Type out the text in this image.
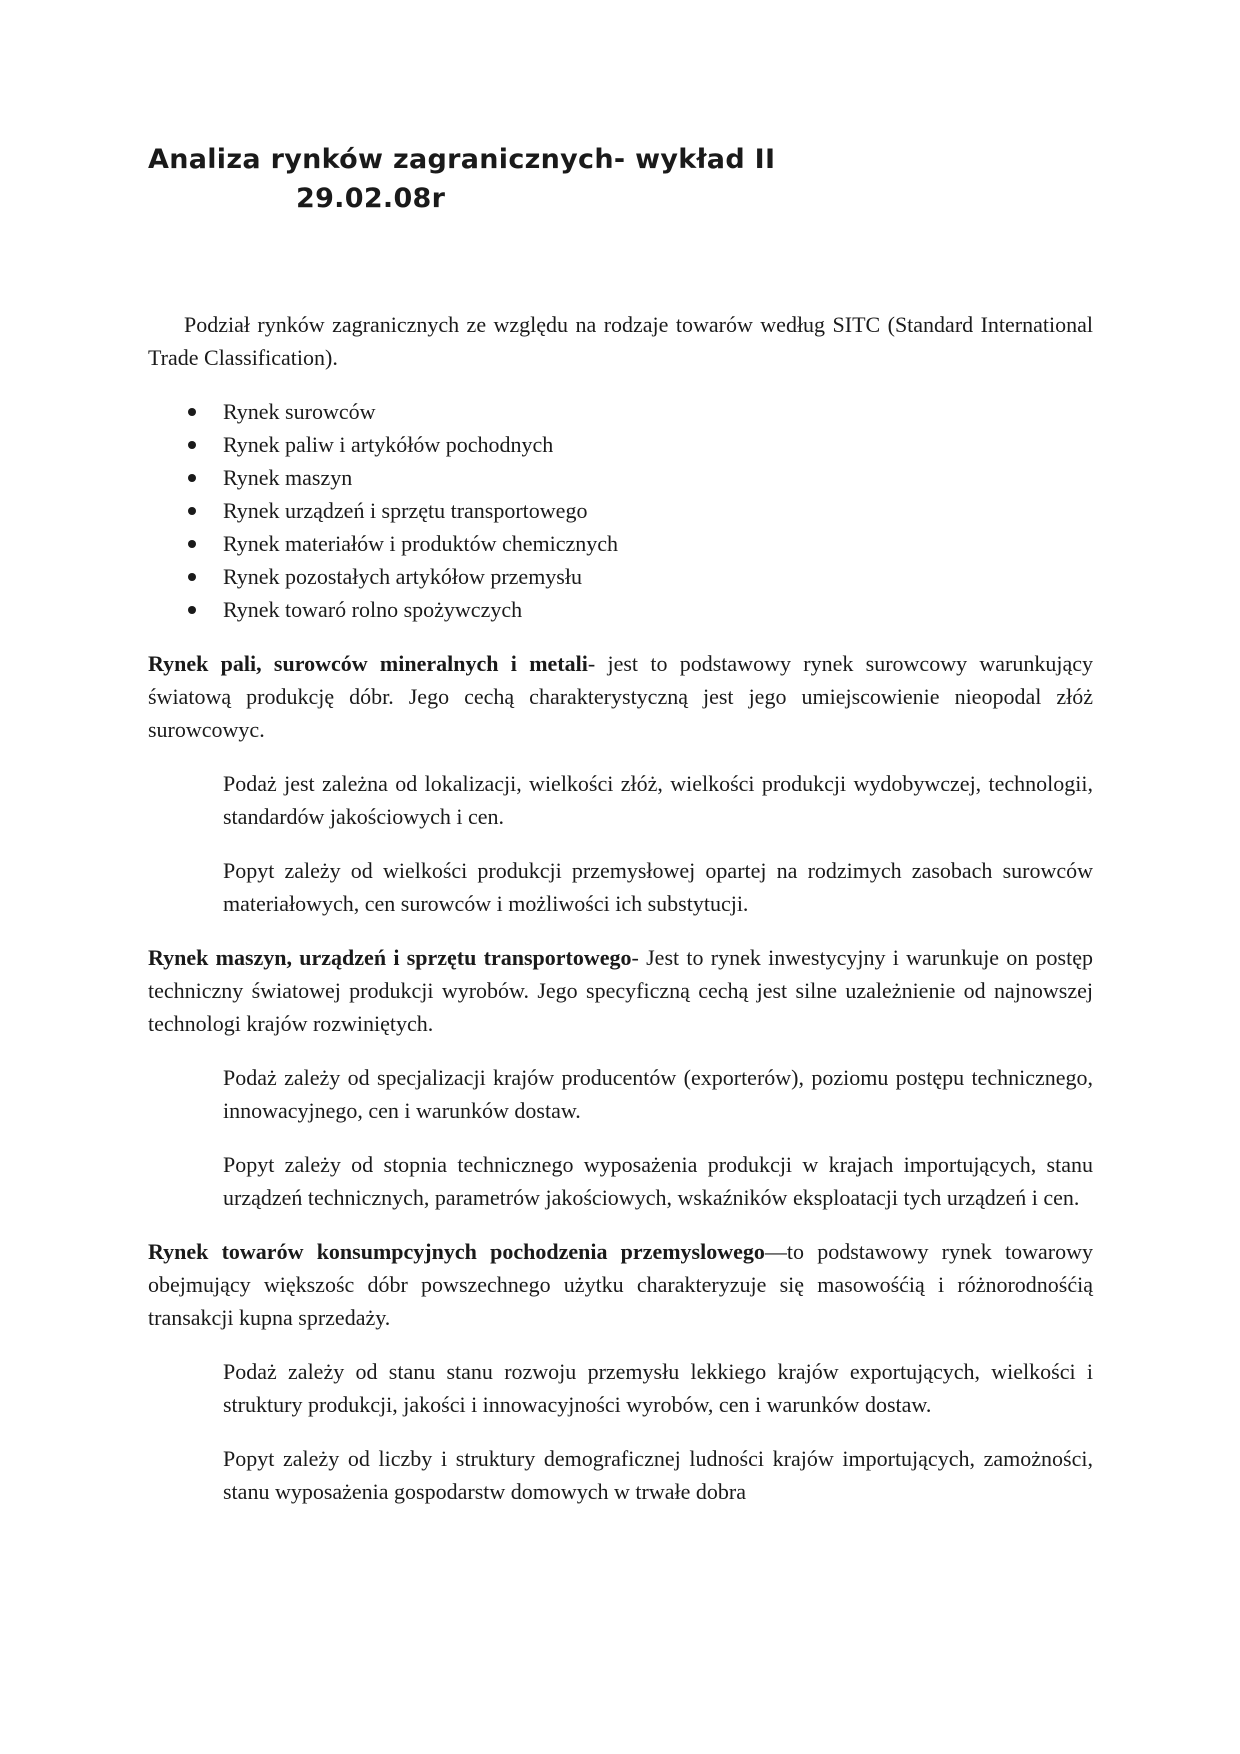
Analiza rynków zagranicznych- wykład II
29.02.08r

Podział rynków zagranicznych ze względu na rodzaje towarów według SITC (Standard International Trade Classification).

Rynek surowców
Rynek paliw i artykółów pochodnych
Rynek maszyn
Rynek urządzeń i sprzętu transportowego
Rynek materiałów i produktów chemicznych
Rynek pozostałych artykółow przemysłu
Rynek towaró rolno spożywczych

Rynek pali, surowców mineralnych i metali- jest to podstawowy rynek surowcowy warunkujący światową produkcję dóbr. Jego cechą charakterystyczną jest jego umiejscowienie nieopodal złóż surowcowyc.

Podaż jest zależna od lokalizacji, wielkości złóż, wielkości produkcji wydobywczej, technologii, standardów jakościowych i cen.

Popyt zależy od wielkości produkcji przemysłowej opartej na rodzimych zasobach surowców materiałowych, cen surowców i możliwości ich substytucji.

Rynek maszyn, urządzeń i sprzętu transportowego- Jest to rynek inwestycyjny i warunkuje on postęp techniczny światowej produkcji wyrobów. Jego specyficzną cechą jest silne uzależnienie od najnowszej technologi krajów rozwiniętych.

Podaż zależy od specjalizacji krajów producentów (exporterów), poziomu postępu technicznego, innowacyjnego, cen i warunków dostaw.

Popyt zależy od stopnia technicznego wyposażenia produkcji w krajach importujących, stanu urządzeń technicznych, parametrów jakościowych, wskaźników eksploatacji tych urządzeń i cen.

Rynek towarów konsumpcyjnych pochodzenia przemyslowego—to podstawowy rynek towarowy obejmujący większośc dóbr powszechnego użytku charakteryzuje się masowośćią i różnorodnośćią transakcji kupna sprzedaży.

Podaż zależy od stanu stanu rozwoju przemysłu lekkiego krajów exportujących, wielkości i struktury produkcji, jakości i innowacyjności wyrobów, cen i warunków dostaw.

Popyt zależy od liczby i struktury demograficznej ludności krajów importujących, zamożności, stanu wyposażenia gospodarstw domowych w trwałe dobra
